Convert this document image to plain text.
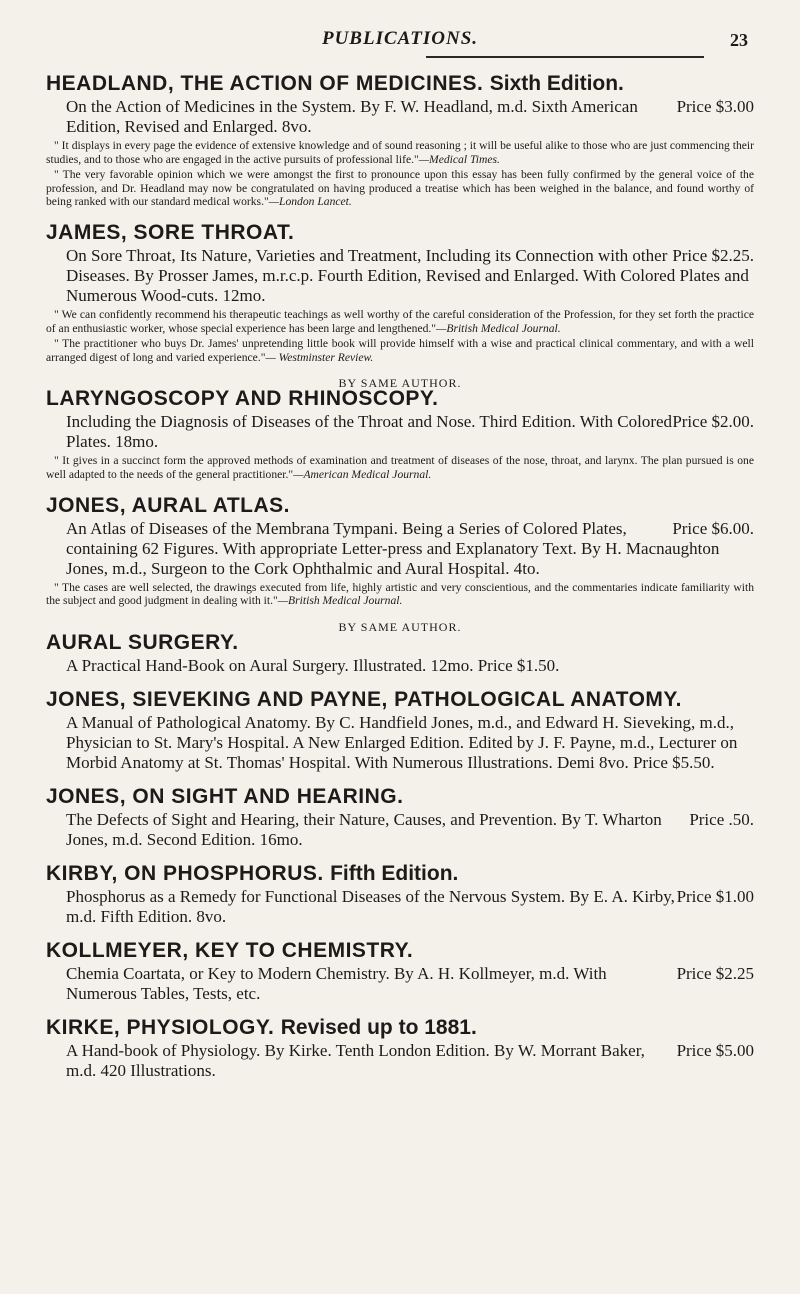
PUBLICATIONS.	23
HEADLAND, THE ACTION OF MEDICINES. Sixth Edition.
Price $3.00
On the Action of Medicines in the System. By F. W. Headland, m.d. Sixth American Edition, Revised and Enlarged. 8vo.
" It displays in every page the evidence of extensive knowledge and of sound reasoning ; it will be useful alike to those who are just commencing their studies, and to those who are engaged in the active pursuits of professional life."—Medical Times.
" The very favorable opinion which we were amongst the first to pronounce upon this essay has been fully confirmed by the general voice of the profession, and Dr. Headland may now be congratulated on having produced a treatise which has been weighed in the balance, and found worthy of being ranked with our standard medical works."—London Lancet.
JAMES, SORE THROAT.
Price $2.25.
On Sore Throat, Its Nature, Varieties and Treatment, Including its Connection with other Diseases. By Prosser James, m.r.c.p. Fourth Edition, Revised and Enlarged. With Colored Plates and Numerous Wood-cuts. 12mo.
" We can confidently recommend his therapeutic teachings as well worthy of the careful consideration of the Profession, for they set forth the practice of an enthusiastic worker, whose special experience has been large and lengthened."—British Medical Journal.
" The practitioner who buys Dr. James' unpretending little book will provide himself with a wise and practical clinical commentary, and with a well arranged digest of long and varied experience."— Westminster Review.
BY SAME AUTHOR.
LARYNGOSCOPY AND RHINOSCOPY.
Price $2.00.
Including the Diagnosis of Diseases of the Throat and Nose. Third Edition. With Colored Plates. 18mo.
" It gives in a succinct form the approved methods of examination and treatment of diseases of the nose, throat, and larynx. The plan pursued is one well adapted to the needs of the general practitioner."—American Medical Journal.
JONES, AURAL ATLAS.
Price $6.00.
An Atlas of Diseases of the Membrana Tympani. Being a Series of Colored Plates, containing 62 Figures. With appropriate Letter-press and Explanatory Text. By H. Macnaughton Jones, m.d., Surgeon to the Cork Ophthalmic and Aural Hospital. 4to.
" The cases are well selected, the drawings executed from life, highly artistic and very conscientious, and the commentaries indicate familiarity with the subject and good judgment in dealing with it."—British Medical Journal.
BY SAME AUTHOR.
AURAL SURGERY.
A Practical Hand-Book on Aural Surgery. Illustrated. 12mo. Price $1.50.
JONES, SIEVEKING AND PAYNE, PATHOLOGICAL ANATOMY.
A Manual of Pathological Anatomy. By C. Handfield Jones, m.d., and Edward H. Sieveking, m.d., Physician to St. Mary's Hospital. A New Enlarged Edition. Edited by J. F. Payne, m.d., Lecturer on Morbid Anatomy at St. Thomas' Hospital. With Numerous Illustrations. Demi 8vo. Price $5.50.
JONES, ON SIGHT AND HEARING.
Price .50.
The Defects of Sight and Hearing, their Nature, Causes, and Prevention. By T. Wharton Jones, m.d. Second Edition. 16mo.
KIRBY, ON PHOSPHORUS. Fifth Edition.
Price $1.00
Phosphorus as a Remedy for Functional Diseases of the Nervous System. By E. A. Kirby, m.d. Fifth Edition. 8vo.
KOLLMEYER, KEY TO CHEMISTRY.
Price $2.25
Chemia Coartata, or Key to Modern Chemistry. By A. H. Kollmeyer, m.d. With Numerous Tables, Tests, etc.
KIRKE, PHYSIOLOGY. Revised up to 1881.
Price $5.00
A Hand-book of Physiology. By Kirke. Tenth London Edition. By W. Morrant Baker, m.d. 420 Illustrations.
